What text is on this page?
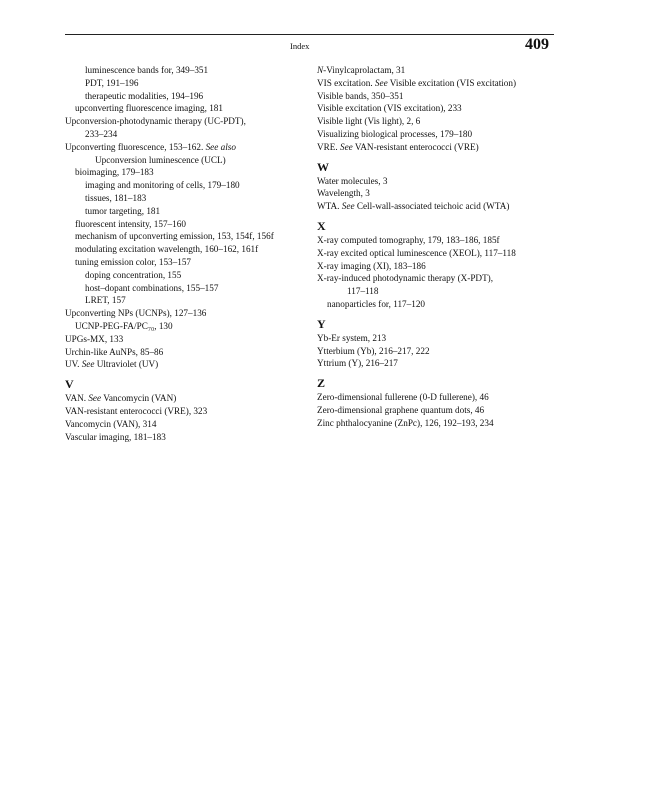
Index	409
luminescence bands for, 349–351
PDT, 191–196
therapeutic modalities, 194–196
upconverting fluorescence imaging, 181
Upconversion-photodynamic therapy (UC-PDT),
233–234
Upconverting fluorescence, 153–162. See also
Upconversion luminescence (UCL)
bioimaging, 179–183
imaging and monitoring of cells, 179–180
tissues, 181–183
tumor targeting, 181
fluorescent intensity, 157–160
mechanism of upconverting emission, 153, 154f, 156f
modulating excitation wavelength, 160–162, 161f
tuning emission color, 153–157
doping concentration, 155
host–dopant combinations, 155–157
LRET, 157
Upconverting NPs (UCNPs), 127–136
UCNP-PEG-FA/PC₇₀, 130
UPGs-MX, 133
Urchin-like AuNPs, 85–86
UV. See Ultraviolet (UV)
V
VAN. See Vancomycin (VAN)
VAN-resistant enterococci (VRE), 323
Vancomycin (VAN), 314
Vascular imaging, 181–183
N-Vinylcaprolactam, 31
VIS excitation. See Visible excitation (VIS excitation)
Visible bands, 350–351
Visible excitation (VIS excitation), 233
Visible light (Vis light), 2, 6
Visualizing biological processes, 179–180
VRE. See VAN-resistant enterococci (VRE)
W
Water molecules, 3
Wavelength, 3
WTA. See Cell-wall-associated teichoic acid (WTA)
X
X-ray computed tomography, 179, 183–186, 185f
X-ray excited optical luminescence (XEOL), 117–118
X-ray imaging (XI), 183–186
X-ray-induced photodynamic therapy (X-PDT),
117–118
nanoparticles for, 117–120
Y
Yb-Er system, 213
Ytterbium (Yb), 216–217, 222
Yttrium (Y), 216–217
Z
Zero-dimensional fullerene (0-D fullerene), 46
Zero-dimensional graphene quantum dots, 46
Zinc phthalocyanine (ZnPc), 126, 192–193, 234
